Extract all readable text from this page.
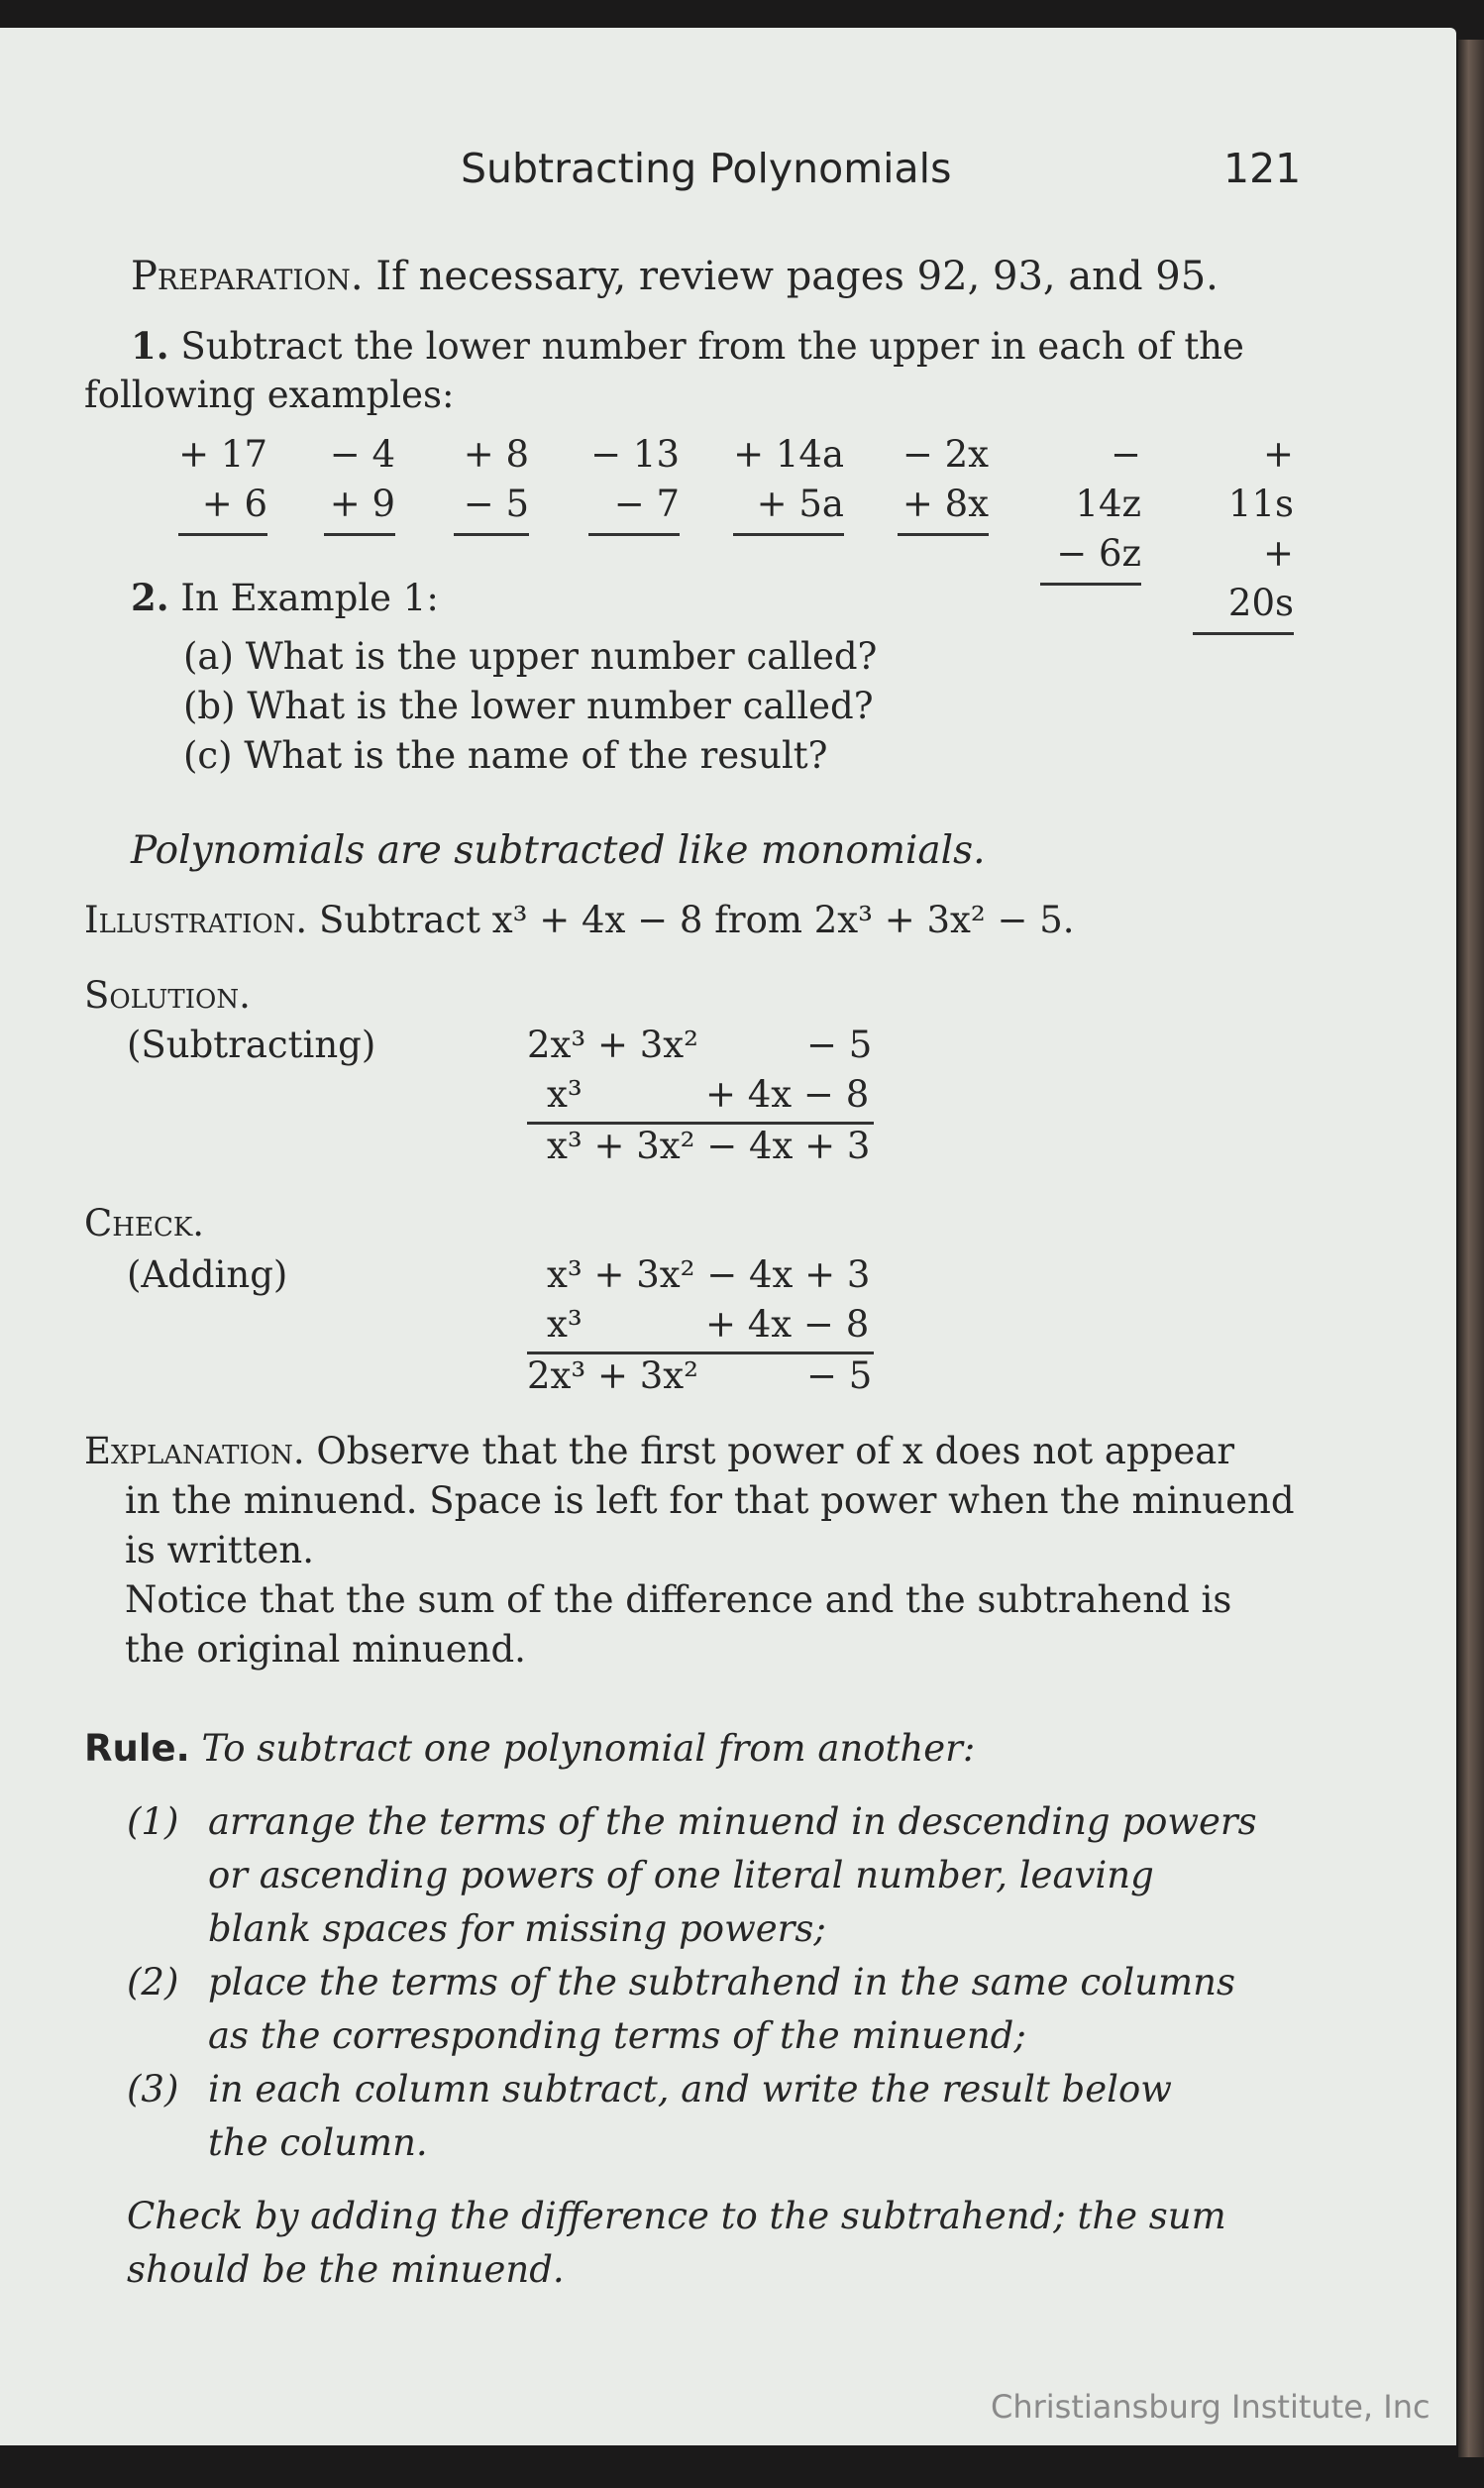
Subtracting Polynomials	121
Preparation. If necessary, review pages 92, 93, and 95.
1. Subtract the lower number from the upper in each of the
following examples:
+ 17
+ 6
− 4
+ 9
+ 8
− 5
− 13
− 7
+ 14a
+ 5a
− 2x
+ 8x
− 14z
− 6z
+ 11s
+ 20s
2. In Example 1:
(a) What is the upper number called?
(b) What is the lower number called?
(c) What is the name of the result?
Polynomials are subtracted like monomials.
Illustration. Subtract x³ + 4x − 8 from 2x³ + 3x² − 5.
Solution.
(Subtracting)	2x³ + 3x²	− 5
x³	+ 4x − 8
x³ + 3x² − 4x + 3
Check.
(Adding)	x³ + 3x² − 4x + 3
x³	+ 4x − 8
2x³ + 3x²	− 5
Explanation. Observe that the first power of x does not appear
in the minuend. Space is left for that power when the minuend
is written.
Notice that the sum of the difference and the subtrahend is
the original minuend.
Rule. To subtract one polynomial from another:
(1) arrange the terms of the minuend in descending powers
or ascending powers of one literal number, leaving
blank spaces for missing powers;
(2) place the terms of the subtrahend in the same columns
as the corresponding terms of the minuend;
(3) in each column subtract, and write the result below
the column.
Check by adding the difference to the subtrahend; the sum
should be the minuend.
Christiansburg Institute, Inc
